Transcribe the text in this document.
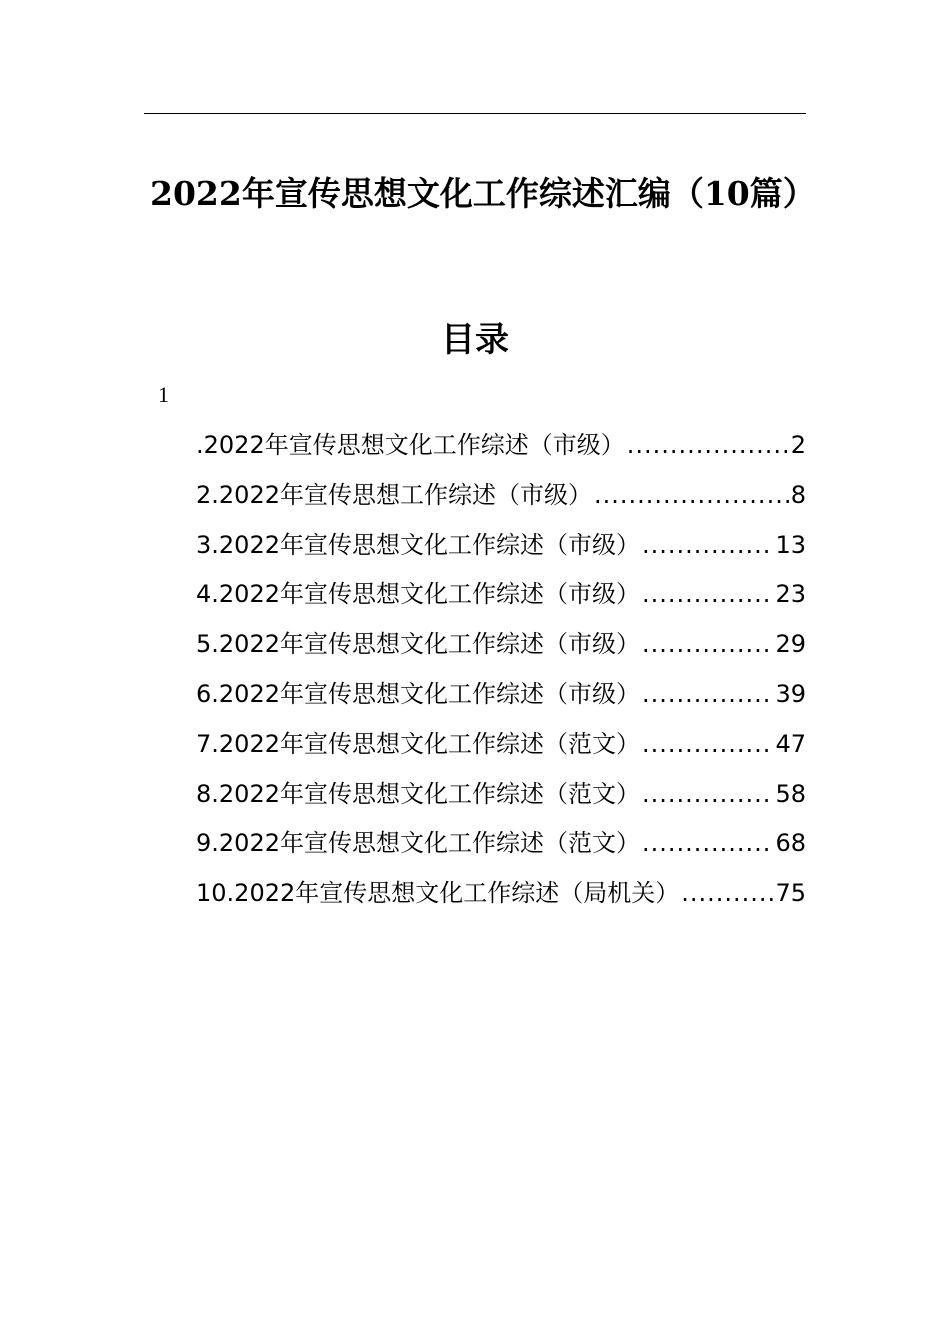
2022年宣传思想文化工作综述汇编（10篇）
目录
1
.2022年宣传思想文化工作综述（市级） .....	2
2.2022年宣传思想工作综述（市级） .....	8
3.2022年宣传思想文化工作综述（市级） .....	13
4.2022年宣传思想文化工作综述（市级） .....	23
5.2022年宣传思想文化工作综述（市级） .....	29
6.2022年宣传思想文化工作综述（市级） .....	39
7.2022年宣传思想文化工作综述（范文） .....	47
8.2022年宣传思想文化工作综述（范文） .....	58
9.2022年宣传思想文化工作综述（范文） .....	68
10.2022年宣传思想文化工作综述（局机关） .....	75
